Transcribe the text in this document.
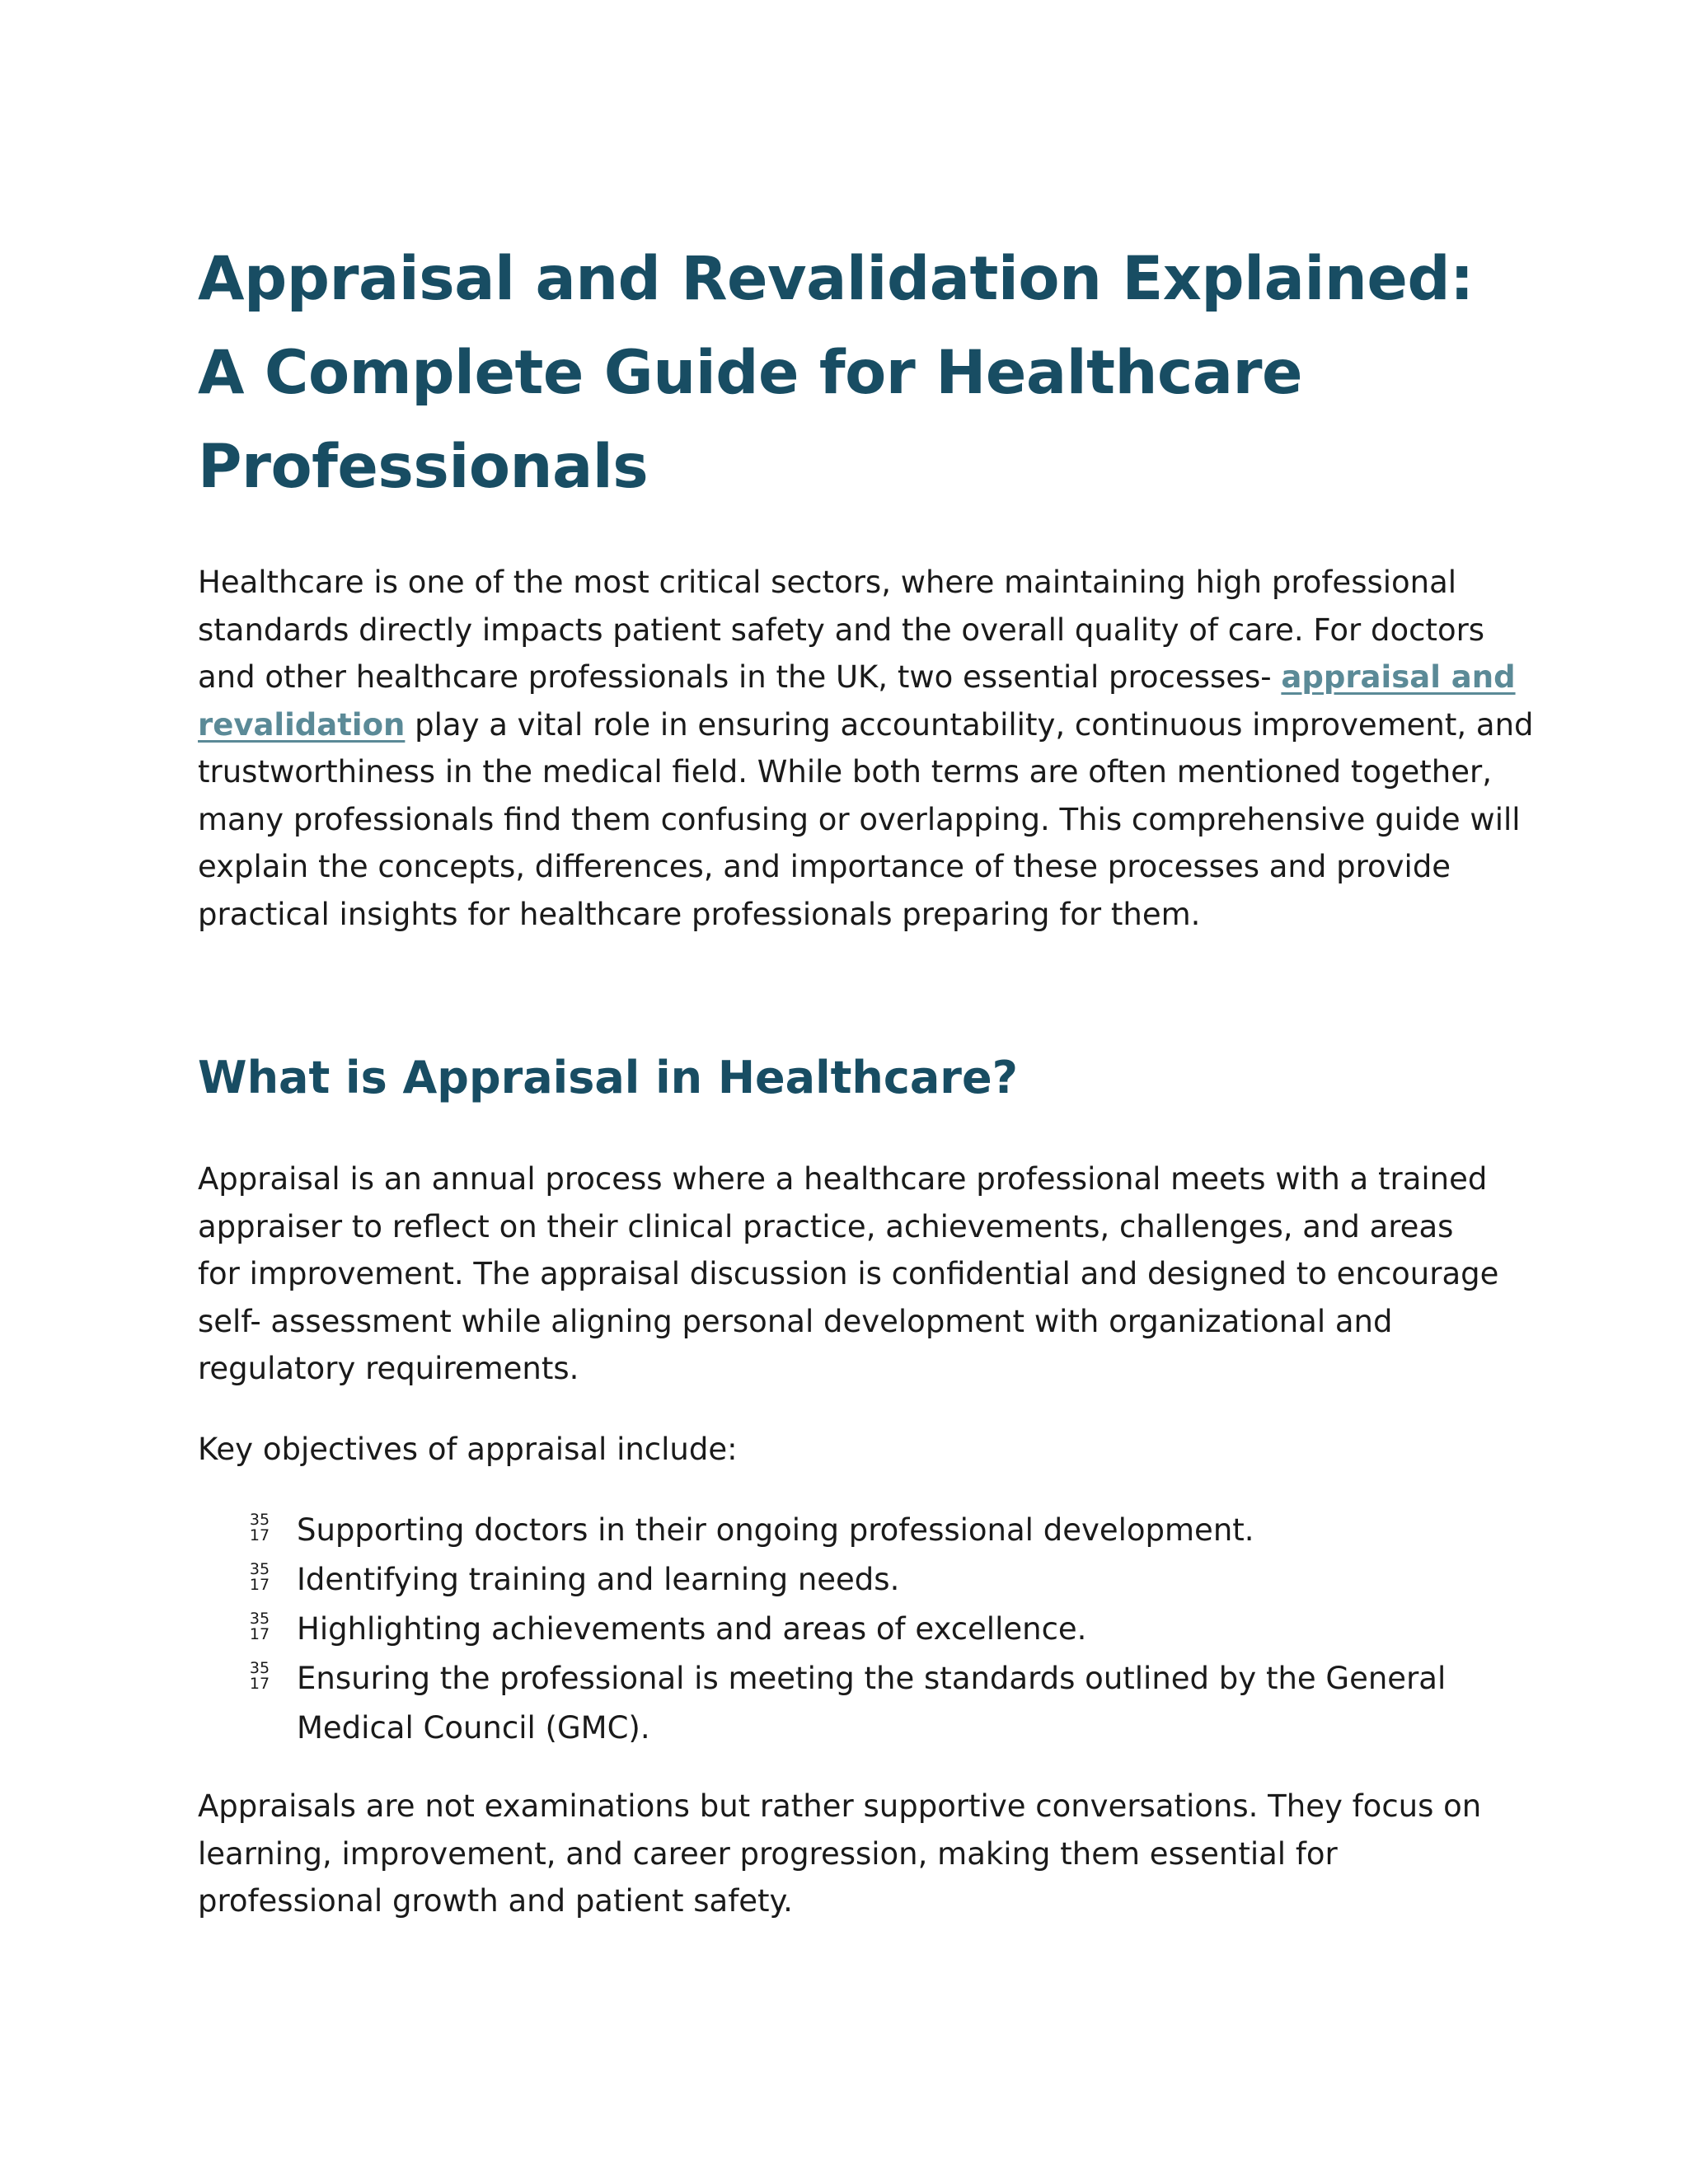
Appraisal and Revalidation Explained:
A Complete Guide for Healthcare
Professionals

Healthcare is one of the most critical sectors, where maintaining high professional
standards directly impacts patient safety and the overall quality of care. For doctors
and other healthcare professionals in the UK, two essential processes- appraisal and
revalidation play a vital role in ensuring accountability, continuous improvement, and
trustworthiness in the medical field. While both terms are often mentioned together,
many professionals find them confusing or overlapping. This comprehensive guide will
explain the concepts, differences, and importance of these processes and provide
practical insights for healthcare professionals preparing for them.

What is Appraisal in Healthcare?

Appraisal is an annual process where a healthcare professional meets with a trained
appraiser to reflect on their clinical practice, achievements, challenges, and areas
for improvement. The appraisal discussion is confidential and designed to encourage
self- assessment while aligning personal development with organizational and
regulatory requirements.

Key objectives of appraisal include:

35
17 Supporting doctors in their ongoing professional development.
35
17 Identifying training and learning needs.
35
17 Highlighting achievements and areas of excellence.
35
17 Ensuring the professional is meeting the standards outlined by the General
Medical Council (GMC).

Appraisals are not examinations but rather supportive conversations. They focus on
learning, improvement, and career progression, making them essential for
professional growth and patient safety.
